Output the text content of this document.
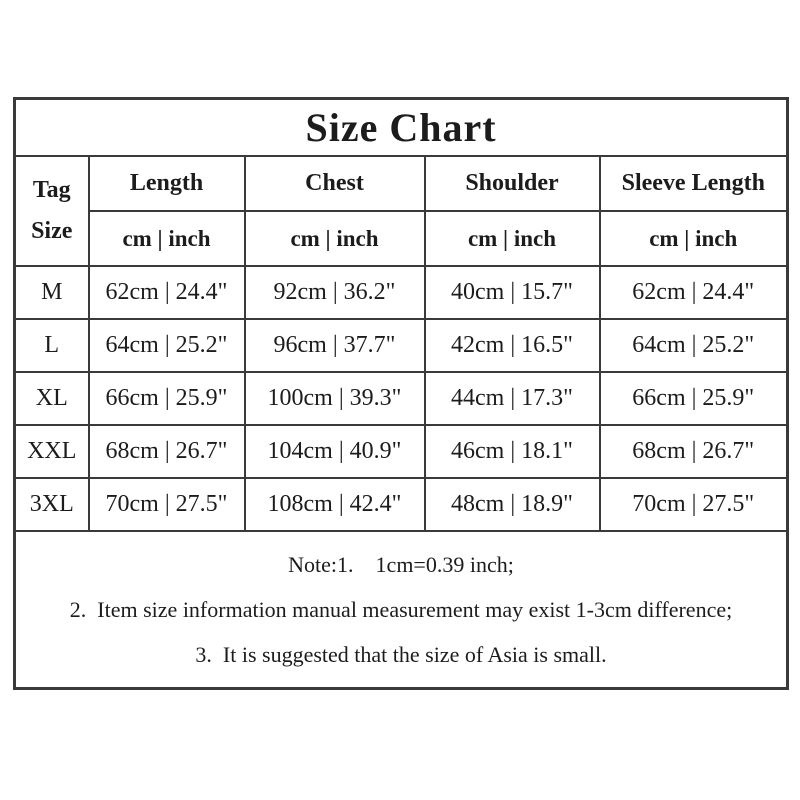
Size Chart				

Tag
Size	Length	Chest	Shoulder	Sleeve Length
	cm | inch	cm | inch	cm | inch	cm | inch
M	62cm | 24.4"	92cm | 36.2"	40cm | 15.7"	62cm | 24.4"
L	64cm | 25.2"	96cm | 37.7"	42cm | 16.5"	64cm | 25.2"
XL	66cm | 25.9"	100cm | 39.3"	44cm | 17.3"	66cm | 25.9"
XXL	68cm | 26.7"	104cm | 40.9"	46cm | 18.1"	68cm | 26.7"
3XL	70cm | 27.5"	108cm | 42.4"	48cm | 18.9"	70cm | 27.5"

Note:1.    1cm=0.39 inch;
2.  Item size information manual measurement may exist 1-3cm difference;
3.  It is suggested that the size of Asia is small.				
